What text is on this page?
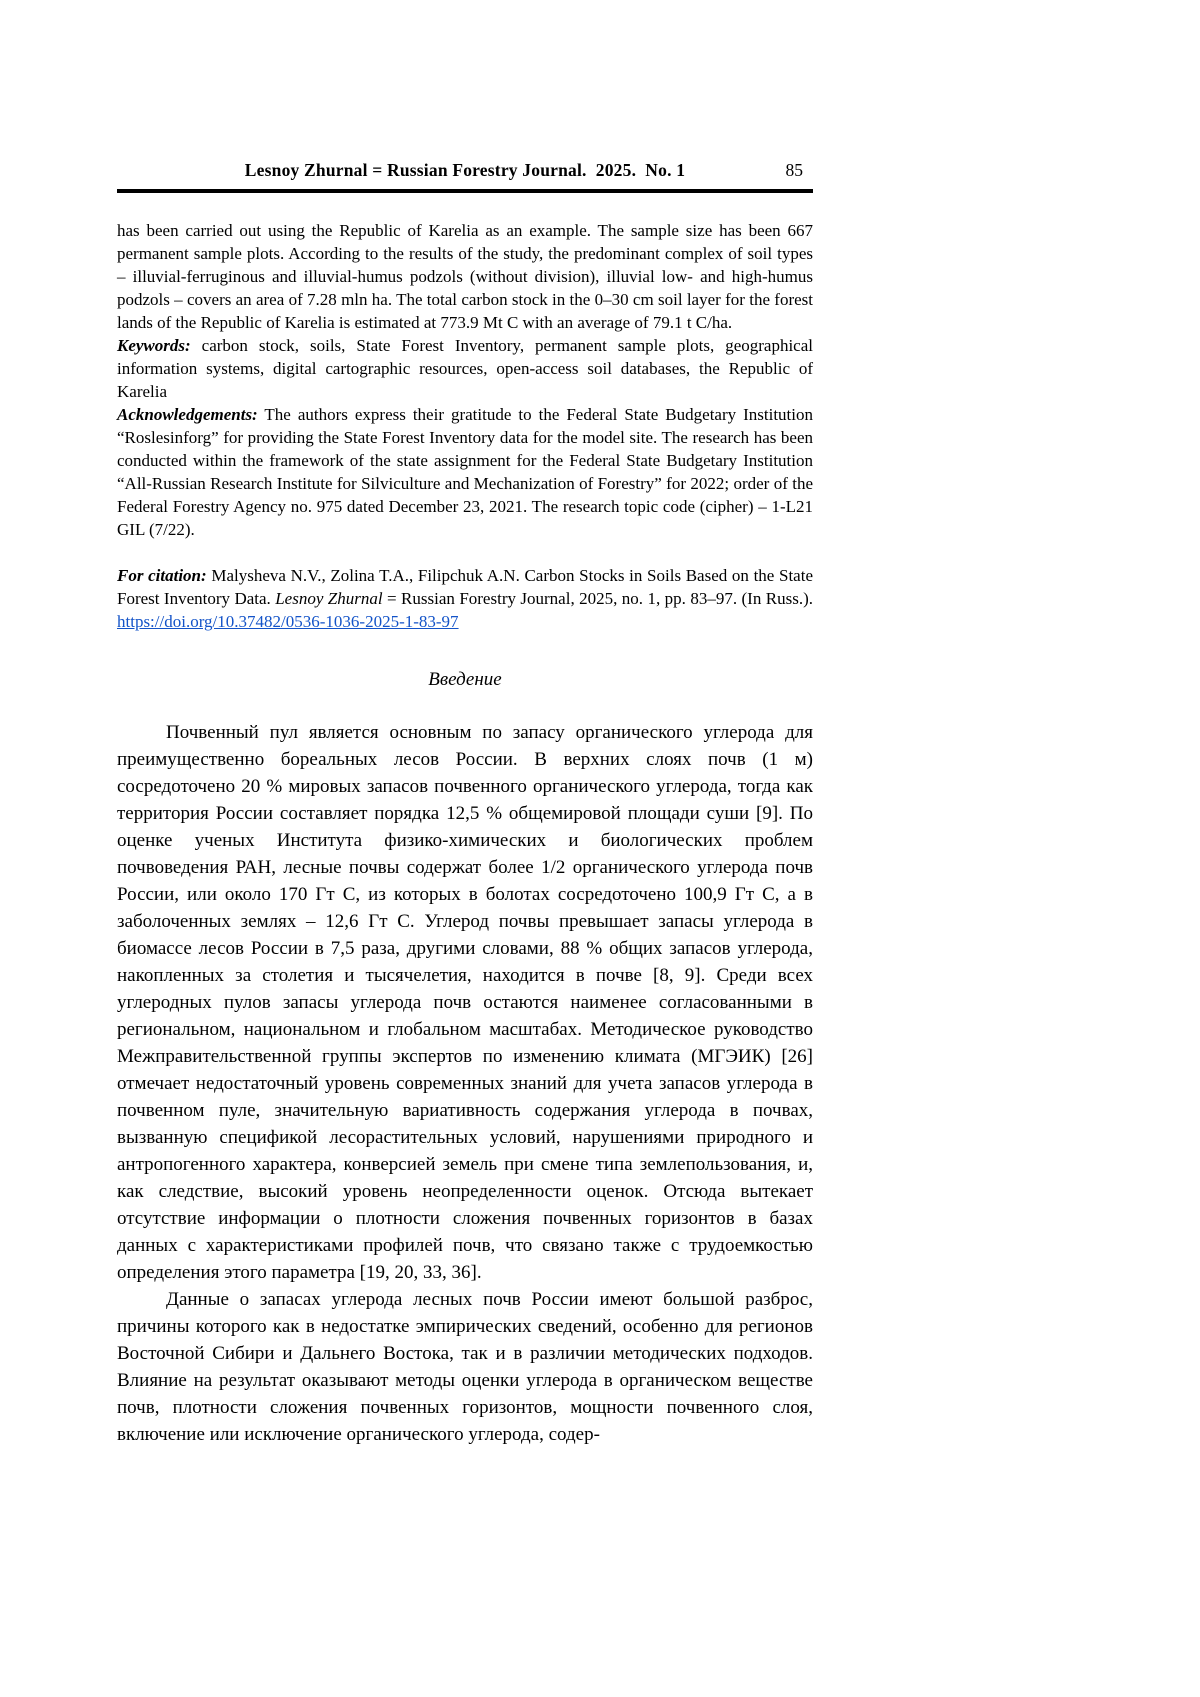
Lesnoy Zhurnal = Russian Forestry Journal.  2025.  No. 1	85

has been carried out using the Republic of Karelia as an example. The sample size has been 667 permanent sample plots. According to the results of the study, the predominant complex of soil types – illuvial-ferruginous and illuvial-humus podzols (without division), illuvial low- and high-humus podzols – covers an area of 7.28 mln ha. The total carbon stock in the 0–30 cm soil layer for the forest lands of the Republic of Karelia is estimated at 773.9 Mt C with an average of 79.1 t C/ha.

Keywords: carbon stock, soils, State Forest Inventory, permanent sample plots, geographical information systems, digital cartographic resources, open-access soil databases, the Republic of Karelia

Acknowledgements: The authors express their gratitude to the Federal State Budgetary Institution “Roslesinforg” for providing the State Forest Inventory data for the model site. The research has been conducted within the framework of the state assignment for the Federal State Budgetary Institution “All-Russian Research Institute for Silviculture and Mechanization of Forestry” for 2022; order of the Federal Forestry Agency no. 975 dated December 23, 2021. The research topic code (cipher) – 1-L21 GIL (7/22).

For citation: Malysheva N.V., Zolina T.A., Filipchuk A.N. Carbon Stocks in Soils Based on the State Forest Inventory Data. Lesnoy Zhurnal = Russian Forestry Journal, 2025, no. 1, pp. 83–97. (In Russ.). https://doi.org/10.37482/0536-1036-2025-1-83-97

Введение

Почвенный пул является основным по запасу органического углерода для преимущественно бореальных лесов России. В верхних слоях почв (1 м) сосредоточено 20 % мировых запасов почвенного органического углерода, тогда как территория России составляет порядка 12,5 % общемировой площади суши [9]. По оценке ученых Института физико-химических и биологических проблем почвоведения РАН, лесные почвы содержат более 1/2 органического углерода почв России, или около 170 Гт C, из которых в болотах сосредоточено 100,9 Гт C, а в заболоченных землях – 12,6 Гт C. Углерод почвы превышает запасы углерода в биомассе лесов России в 7,5 раза, другими словами, 88 % общих запасов углерода, накопленных за столетия и тысячелетия, находится в почве [8, 9]. Среди всех углеродных пулов запасы углерода почв остаются наименее согласованными в региональном, национальном и глобальном масштабах. Методическое руководство Межправительственной группы экспертов по изменению климата (МГЭИК) [26] отмечает недостаточный уровень современных знаний для учета запасов углерода в почвенном пуле, значительную вариативность содержания углерода в почвах, вызванную спецификой лесорастительных условий, нарушениями природного и антропогенного характера, конверсией земель при смене типа землепользования, и, как следствие, высокий уровень неопределенности оценок. Отсюда вытекает отсутствие информации о плотности сложения почвенных горизонтов в базах данных с характеристиками профилей почв, что связано также с трудоемкостью определения этого параметра [19, 20, 33, 36].

Данные о запасах углерода лесных почв России имеют большой разброс, причины которого как в недостатке эмпирических сведений, особенно для регионов Восточной Сибири и Дальнего Востока, так и в различии методических подходов. Влияние на результат оказывают методы оценки углерода в органическом веществе почв, плотности сложения почвенных горизонтов, мощности почвенного слоя, включение или исключение органического углерода, содер-
